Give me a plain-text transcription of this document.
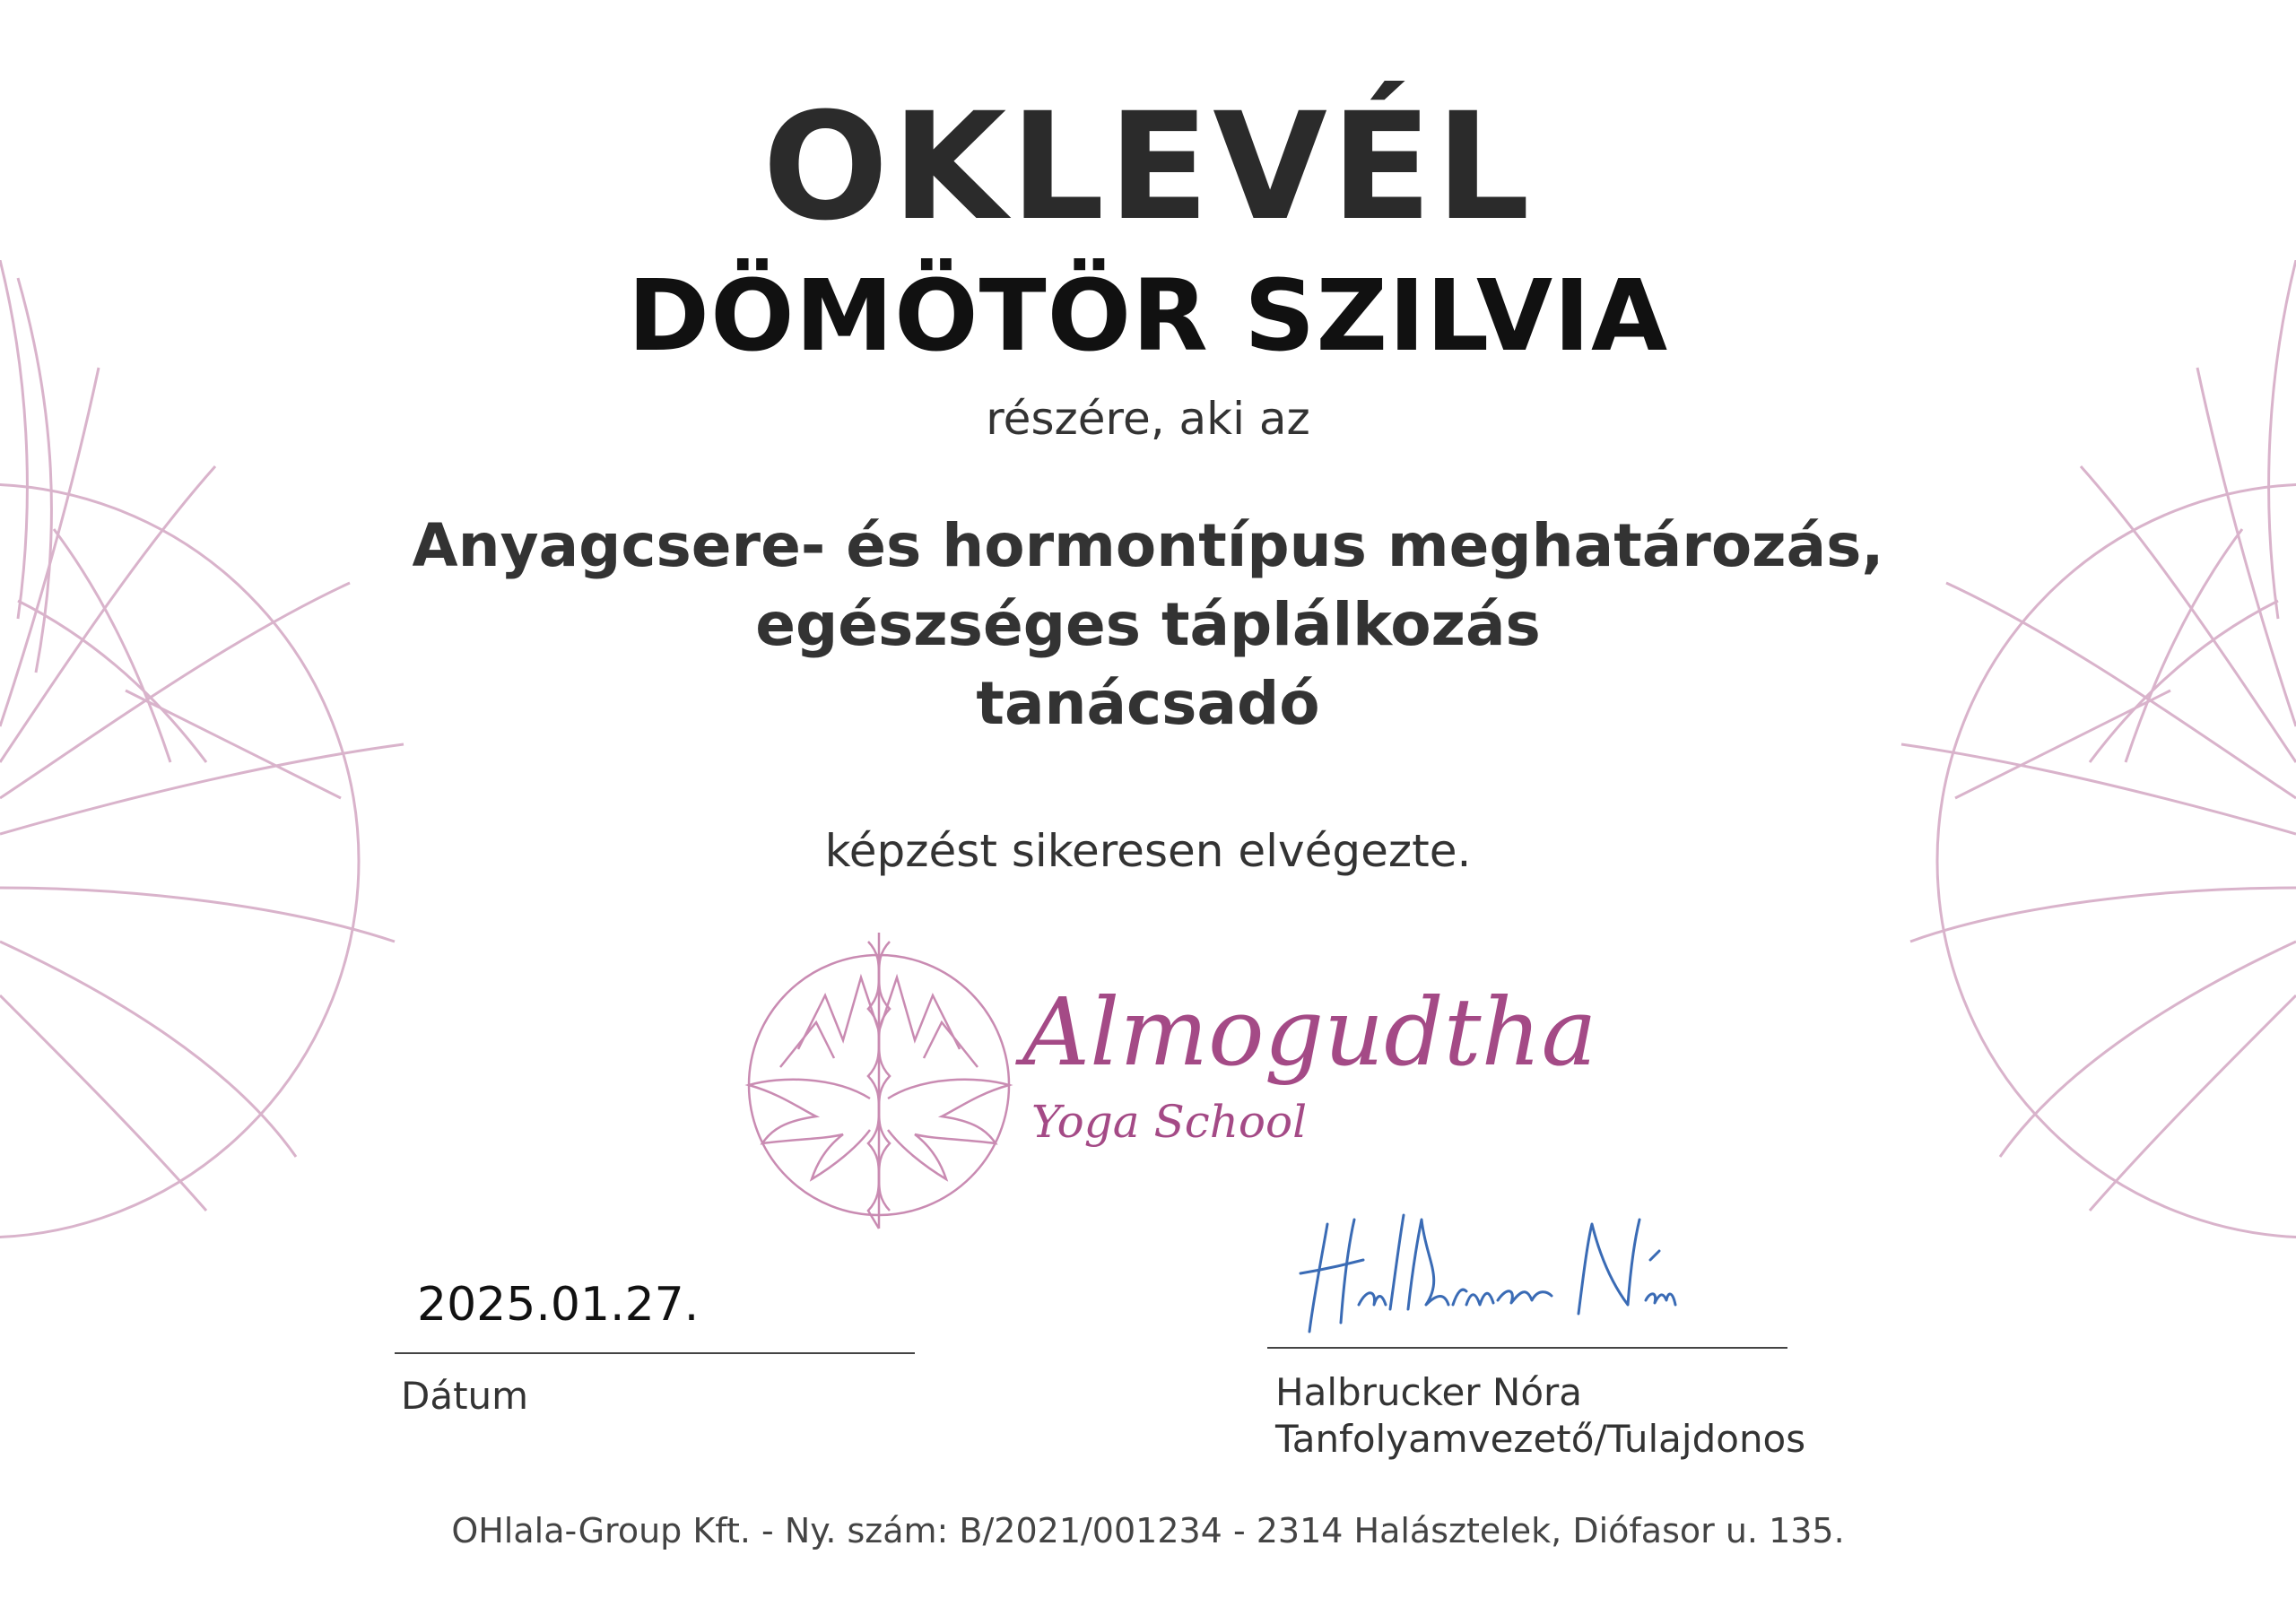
OKLEVÉL
DÖMÖTÖR SZILVIA
részére, aki az
Anyagcsere- és hormontípus meghatározás,
egészséges táplálkozás
tanácsadó
képzést sikeresen elvégezte.
Almogudtha
Yoga School
2025.01.27.
Dátum	Halbrucker Nóra
Tanfolyamvezető/Tulajdonos
OHlala-Group Kft. - Ny. szám: B/2021/001234 - 2314 Halásztelek, Diófasor u. 135.
